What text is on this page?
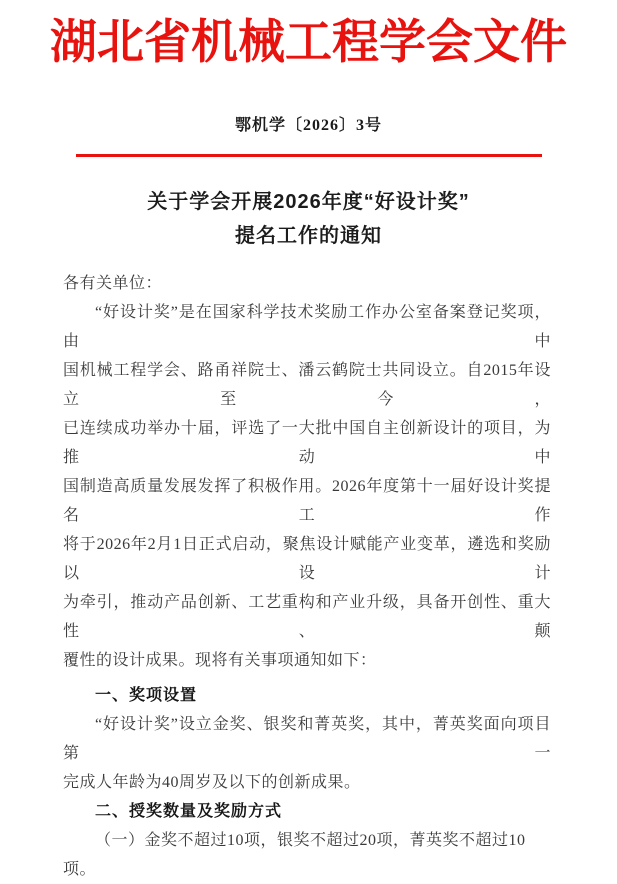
湖北省机械工程学会文件
鄂机学〔2026〕3号
关于学会开展2026年度“好设计奖”
提名工作的通知
各有关单位：
“好设计奖”是在国家科学技术奖励工作办公室备案登记奖项，由中
国机械工程学会、路甬祥院士、潘云鹤院士共同设立。自2015年设立至今，
已连续成功举办十届，评选了一大批中国自主创新设计的项目，为推动中
国制造高质量发展发挥了积极作用。2026年度第十一届好设计奖提名工作
将于2026年2月1日正式启动，聚焦设计赋能产业变革，遴选和奖励以设计
为牵引，推动产品创新、工艺重构和产业升级，具备开创性、重大性、颠
覆性的设计成果。现将有关事项通知如下：
一、奖项设置
“好设计奖”设立金奖、银奖和菁英奖，其中，菁英奖面向项目第一
完成人年龄为40周岁及以下的创新成果。
二、授奖数量及奖励方式
（一）金奖不超过10项，银奖不超过20项，菁英奖不超过10项。
